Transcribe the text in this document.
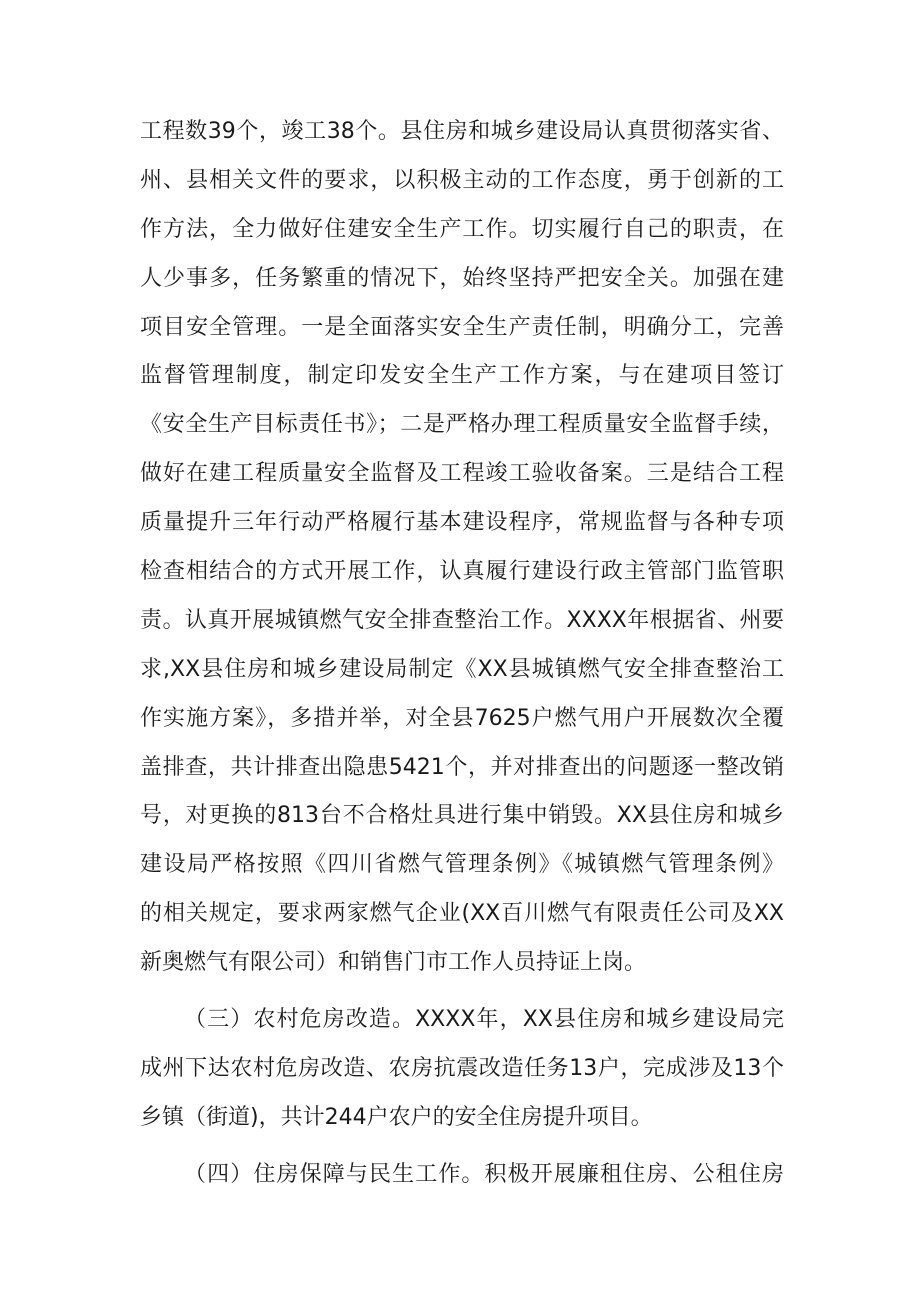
工程数39个，竣工38个。县住房和城乡建设局认真贯彻落实省、
州、县相关文件的要求，以积极主动的工作态度，勇于创新的工
作方法，全力做好住建安全生产工作。切实履行自己的职责，在
人少事多，任务繁重的情况下，始终坚持严把安全关。加强在建
项目安全管理。一是全面落实安全生产责任制，明确分工，完善
监督管理制度，制定印发安全生产工作方案，与在建项目签订
《安全生产目标责任书》；二是严格办理工程质量安全监督手续，
做好在建工程质量安全监督及工程竣工验收备案。三是结合工程
质量提升三年行动严格履行基本建设程序，常规监督与各种专项
检查相结合的方式开展工作，认真履行建设行政主管部门监管职
责。认真开展城镇燃气安全排查整治工作。XXXX年根据省、州要
求,XX县住房和城乡建设局制定《XX县城镇燃气安全排查整治工
作实施方案》，多措并举，对全县7625户燃气用户开展数次全覆
盖排查，共计排查出隐患5421个，并对排查出的问题逐一整改销
号，对更换的813台不合格灶具进行集中销毁。XX县住房和城乡
建设局严格按照《四川省燃气管理条例》《城镇燃气管理条例》
的相关规定，要求两家燃气企业(XX百川燃气有限责任公司及XX
新奥燃气有限公司）和销售门市工作人员持证上岗。
（三）农村危房改造。XXXX年，XX县住房和城乡建设局完
成州下达农村危房改造、农房抗震改造任务13户，完成涉及13个
乡镇（街道)，共计244户农户的安全住房提升项目。
（四）住房保障与民生工作。积极开展廉租住房、公租住房
